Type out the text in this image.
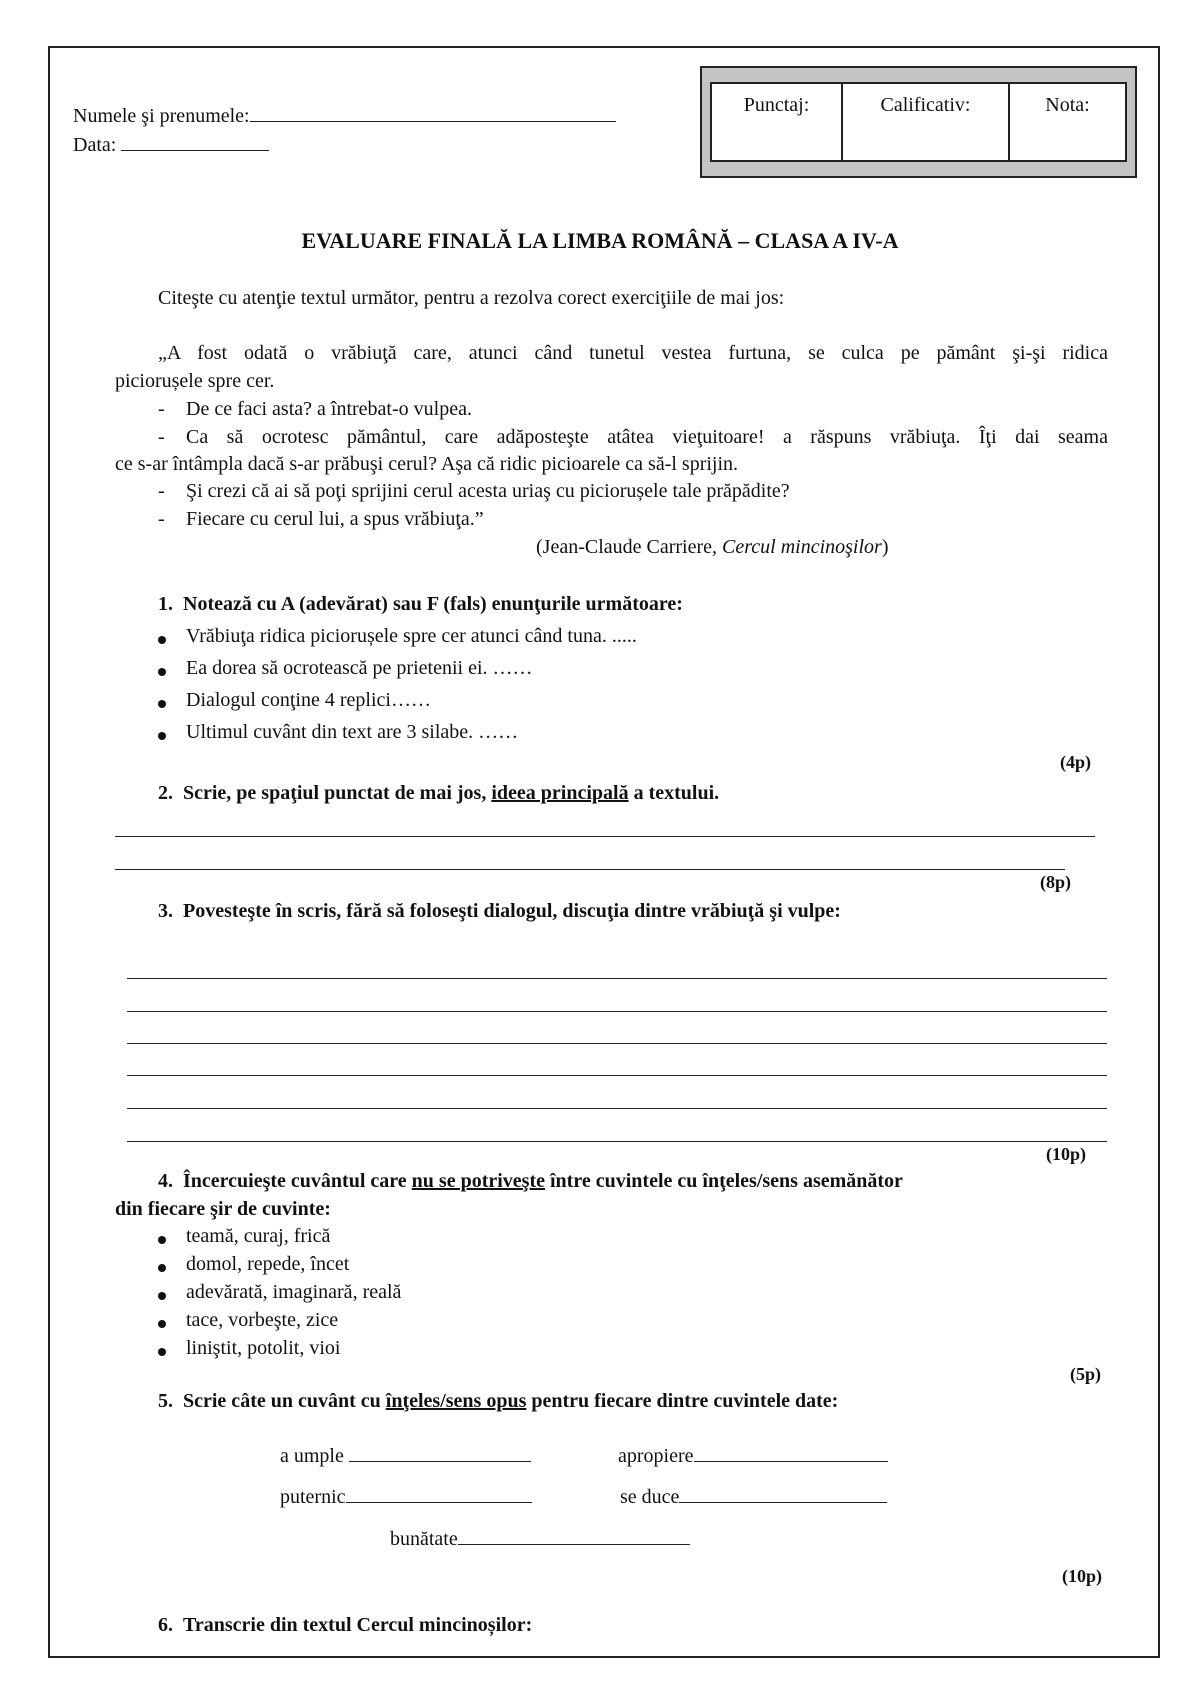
Numele şi prenumele:
Data:
Punctaj:	Calificativ:	Nota:
EVALUARE FINALĂ LA LIMBA ROMÂNĂ – CLASA A IV-A
Citeşte cu atenţie textul următor, pentru a rezolva corect exerciţiile de mai jos:
„A fost odată o vrăbiuţă care, atunci când tunetul vestea furtuna, se culca pe pământ şi-şi ridica
piciorușele spre cer.
- De ce faci asta? a întrebat-o vulpea.
- Ca să ocrotesc pământul, care adăposteşte atâtea vieţuitoare! a răspuns vrăbiuţa. Îţi dai seama
ce s-ar întâmpla dacă s-ar prăbuşi cerul? Aşa că ridic picioarele ca să-l sprijin.
- Şi crezi că ai să poţi sprijini cerul acesta uriaş cu piciorușele tale prăpădite?
- Fiecare cu cerul lui, a spus vrăbiuţa.”
(Jean-Claude Carriere, Cercul mincinoşilor)
1. Notează cu A (adevărat) sau F (fals) enunţurile următoare:
Vrăbiuţa ridica piciorușele spre cer atunci când tuna. .....
Ea dorea să ocrotească pe prietenii ei. ……
Dialogul conţine 4 replici……
Ultimul cuvânt din text are 3 silabe. ……
(4p)
2. Scrie, pe spaţiul punctat de mai jos, ideea principală a textului.
(8p)
3. Povesteşte în scris, fără să foloseşti dialogul, discuţia dintre vrăbiuţă şi vulpe:
(10p)
4. Încercuieşte cuvântul care nu se potriveşte între cuvintele cu înţeles/sens asemănător
din fiecare şir de cuvinte:
teamă, curaj, frică
domol, repede, încet
adevărată, imaginară, reală
tace, vorbeşte, zice
liniştit, potolit, vioi
(5p)
5. Scrie câte un cuvânt cu înţeles/sens opus pentru fiecare dintre cuvintele date:
a umple	apropiere
puternic	se duce
bunătate
(10p)
6. Transcrie din textul Cercul mincinoșilor:
